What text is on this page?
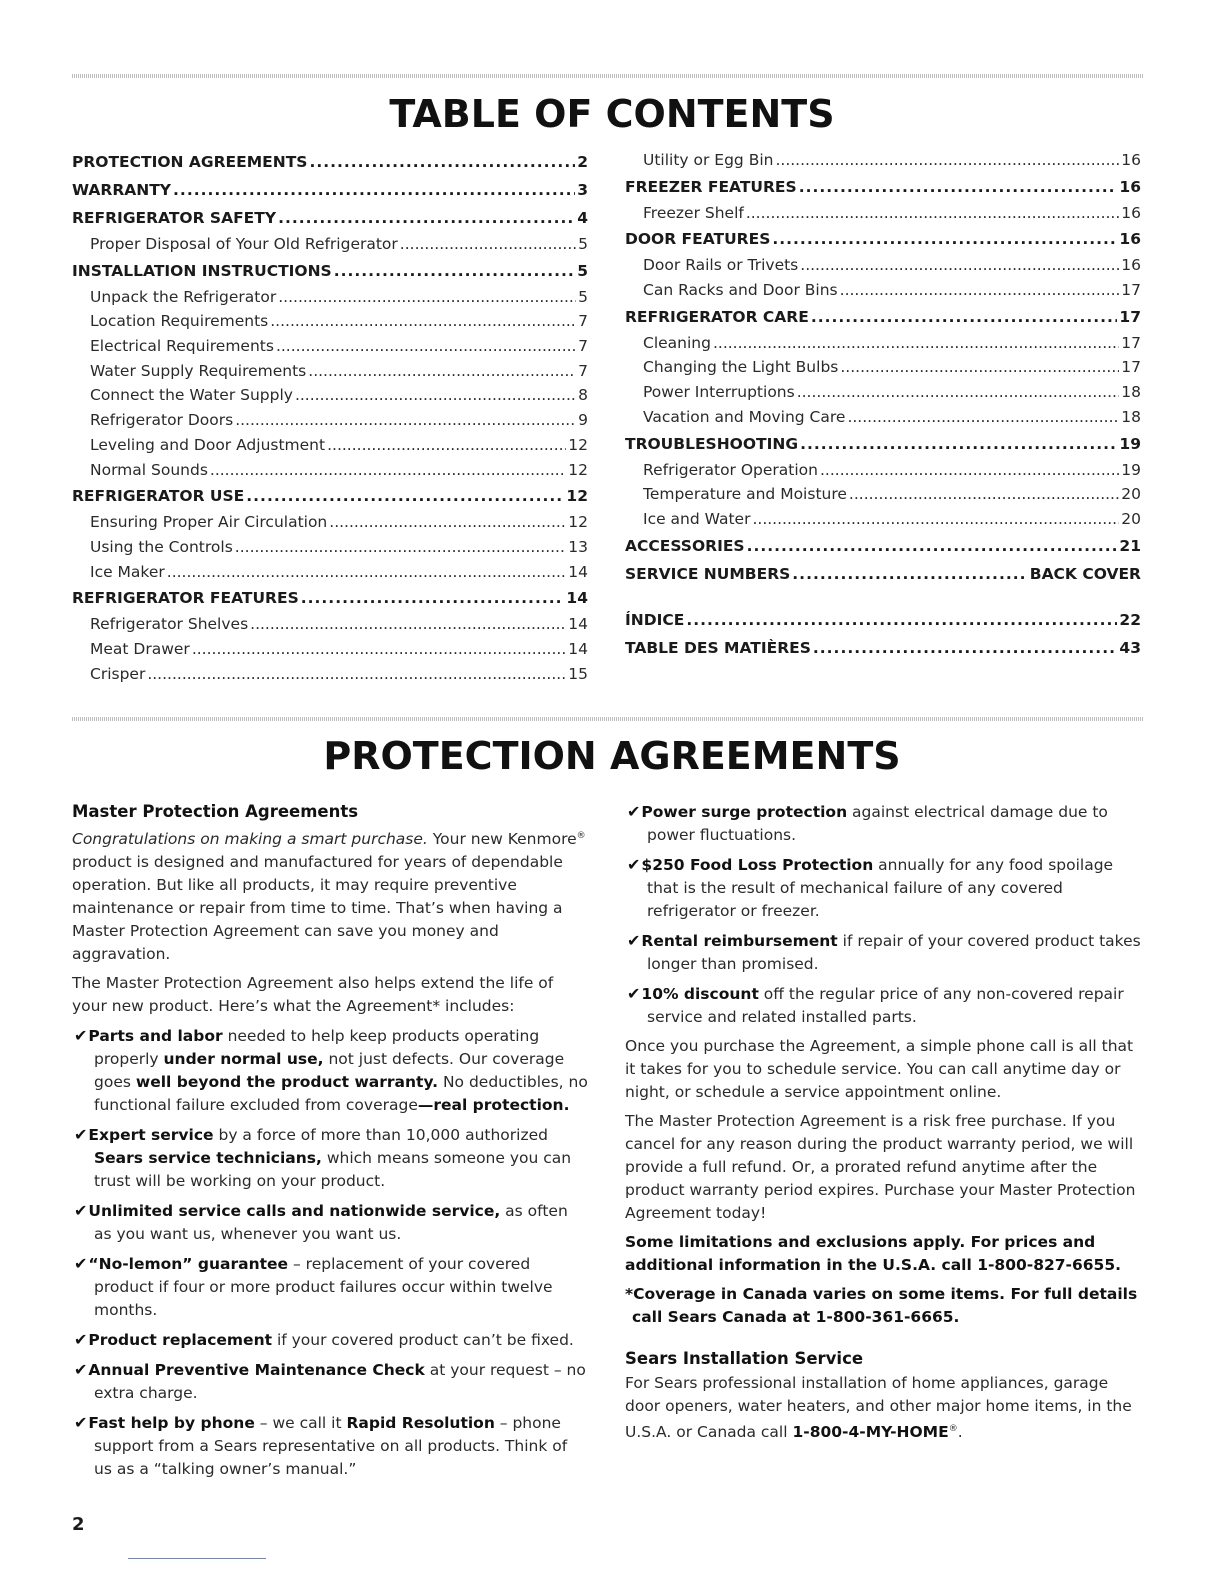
TABLE OF CONTENTS
PROTECTION AGREEMENTS .....	2
WARRANTY .....	3
REFRIGERATOR SAFETY .....	4
Proper Disposal of Your Old Refrigerator .....	5
INSTALLATION INSTRUCTIONS .....	5
Unpack the Refrigerator .....	5
Location Requirements .....	7
Electrical Requirements .....	7
Water Supply Requirements .....	7
Connect the Water Supply .....	8
Refrigerator Doors .....	9
Leveling and Door Adjustment .....	12
Normal Sounds .....	12
REFRIGERATOR USE .....	12
Ensuring Proper Air Circulation .....	12
Using the Controls .....	13
Ice Maker .....	14
REFRIGERATOR FEATURES .....	14
Refrigerator Shelves .....	14
Meat Drawer .....	14
Crisper .....	15
Utility or Egg Bin .....	16
FREEZER FEATURES .....	16
Freezer Shelf .....	16
DOOR FEATURES .....	16
Door Rails or Trivets .....	16
Can Racks and Door Bins .....	17
REFRIGERATOR CARE .....	17
Cleaning .....	17
Changing the Light Bulbs .....	17
Power Interruptions .....	18
Vacation and Moving Care .....	18
TROUBLESHOOTING .....	19
Refrigerator Operation .....	19
Temperature and Moisture .....	20
Ice and Water .....	20
ACCESSORIES .....	21
SERVICE NUMBERS .....	BACK COVER
ÍNDICE .....	22
TABLE DES MATIÈRES .....	43
PROTECTION AGREEMENTS
Master Protection Agreements

Congratulations on making a smart purchase. Your new Kenmore® product is designed and manufactured for years of dependable operation. But like all products, it may require preventive maintenance or repair from time to time. That’s when having a Master Protection Agreement can save you money and aggravation.

The Master Protection Agreement also helps extend the life of your new product. Here’s what the Agreement* includes:

✔Parts and labor needed to help keep products operating properly under normal use, not just defects. Our coverage goes well beyond the product warranty. No deductibles, no functional failure excluded from coverage—real protection.

✔Expert service by a force of more than 10,000 authorized Sears service technicians, which means someone you can trust will be working on your product.

✔Unlimited service calls and nationwide service, as often as you want us, whenever you want us.

✔“No-lemon” guarantee – replacement of your covered product if four or more product failures occur within twelve months.

✔Product replacement if your covered product can’t be fixed.

✔Annual Preventive Maintenance Check at your request – no extra charge.

✔Fast help by phone – we call it Rapid Resolution – phone support from a Sears representative on all products. Think of us as a “talking owner’s manual.”

✔Power surge protection against electrical damage due to power fluctuations.

✔$250 Food Loss Protection annually for any food spoilage that is the result of mechanical failure of any covered refrigerator or freezer.

✔Rental reimbursement if repair of your covered product takes longer than promised.

✔10% discount off the regular price of any non-covered repair service and related installed parts.

Once you purchase the Agreement, a simple phone call is all that it takes for you to schedule service. You can call anytime day or night, or schedule a service appointment online.

The Master Protection Agreement is a risk free purchase. If you cancel for any reason during the product warranty period, we will provide a full refund. Or, a prorated refund anytime after the product warranty period expires. Purchase your Master Protection Agreement today!

Some limitations and exclusions apply. For prices and additional information in the U.S.A. call 1-800-827-6655.

*Coverage in Canada varies on some items. For full details call Sears Canada at 1-800-361-6665.

Sears Installation Service

For Sears professional installation of home appliances, garage door openers, water heaters, and other major home items, in the U.S.A. or Canada call 1-800-4-MY-HOME®.

2
